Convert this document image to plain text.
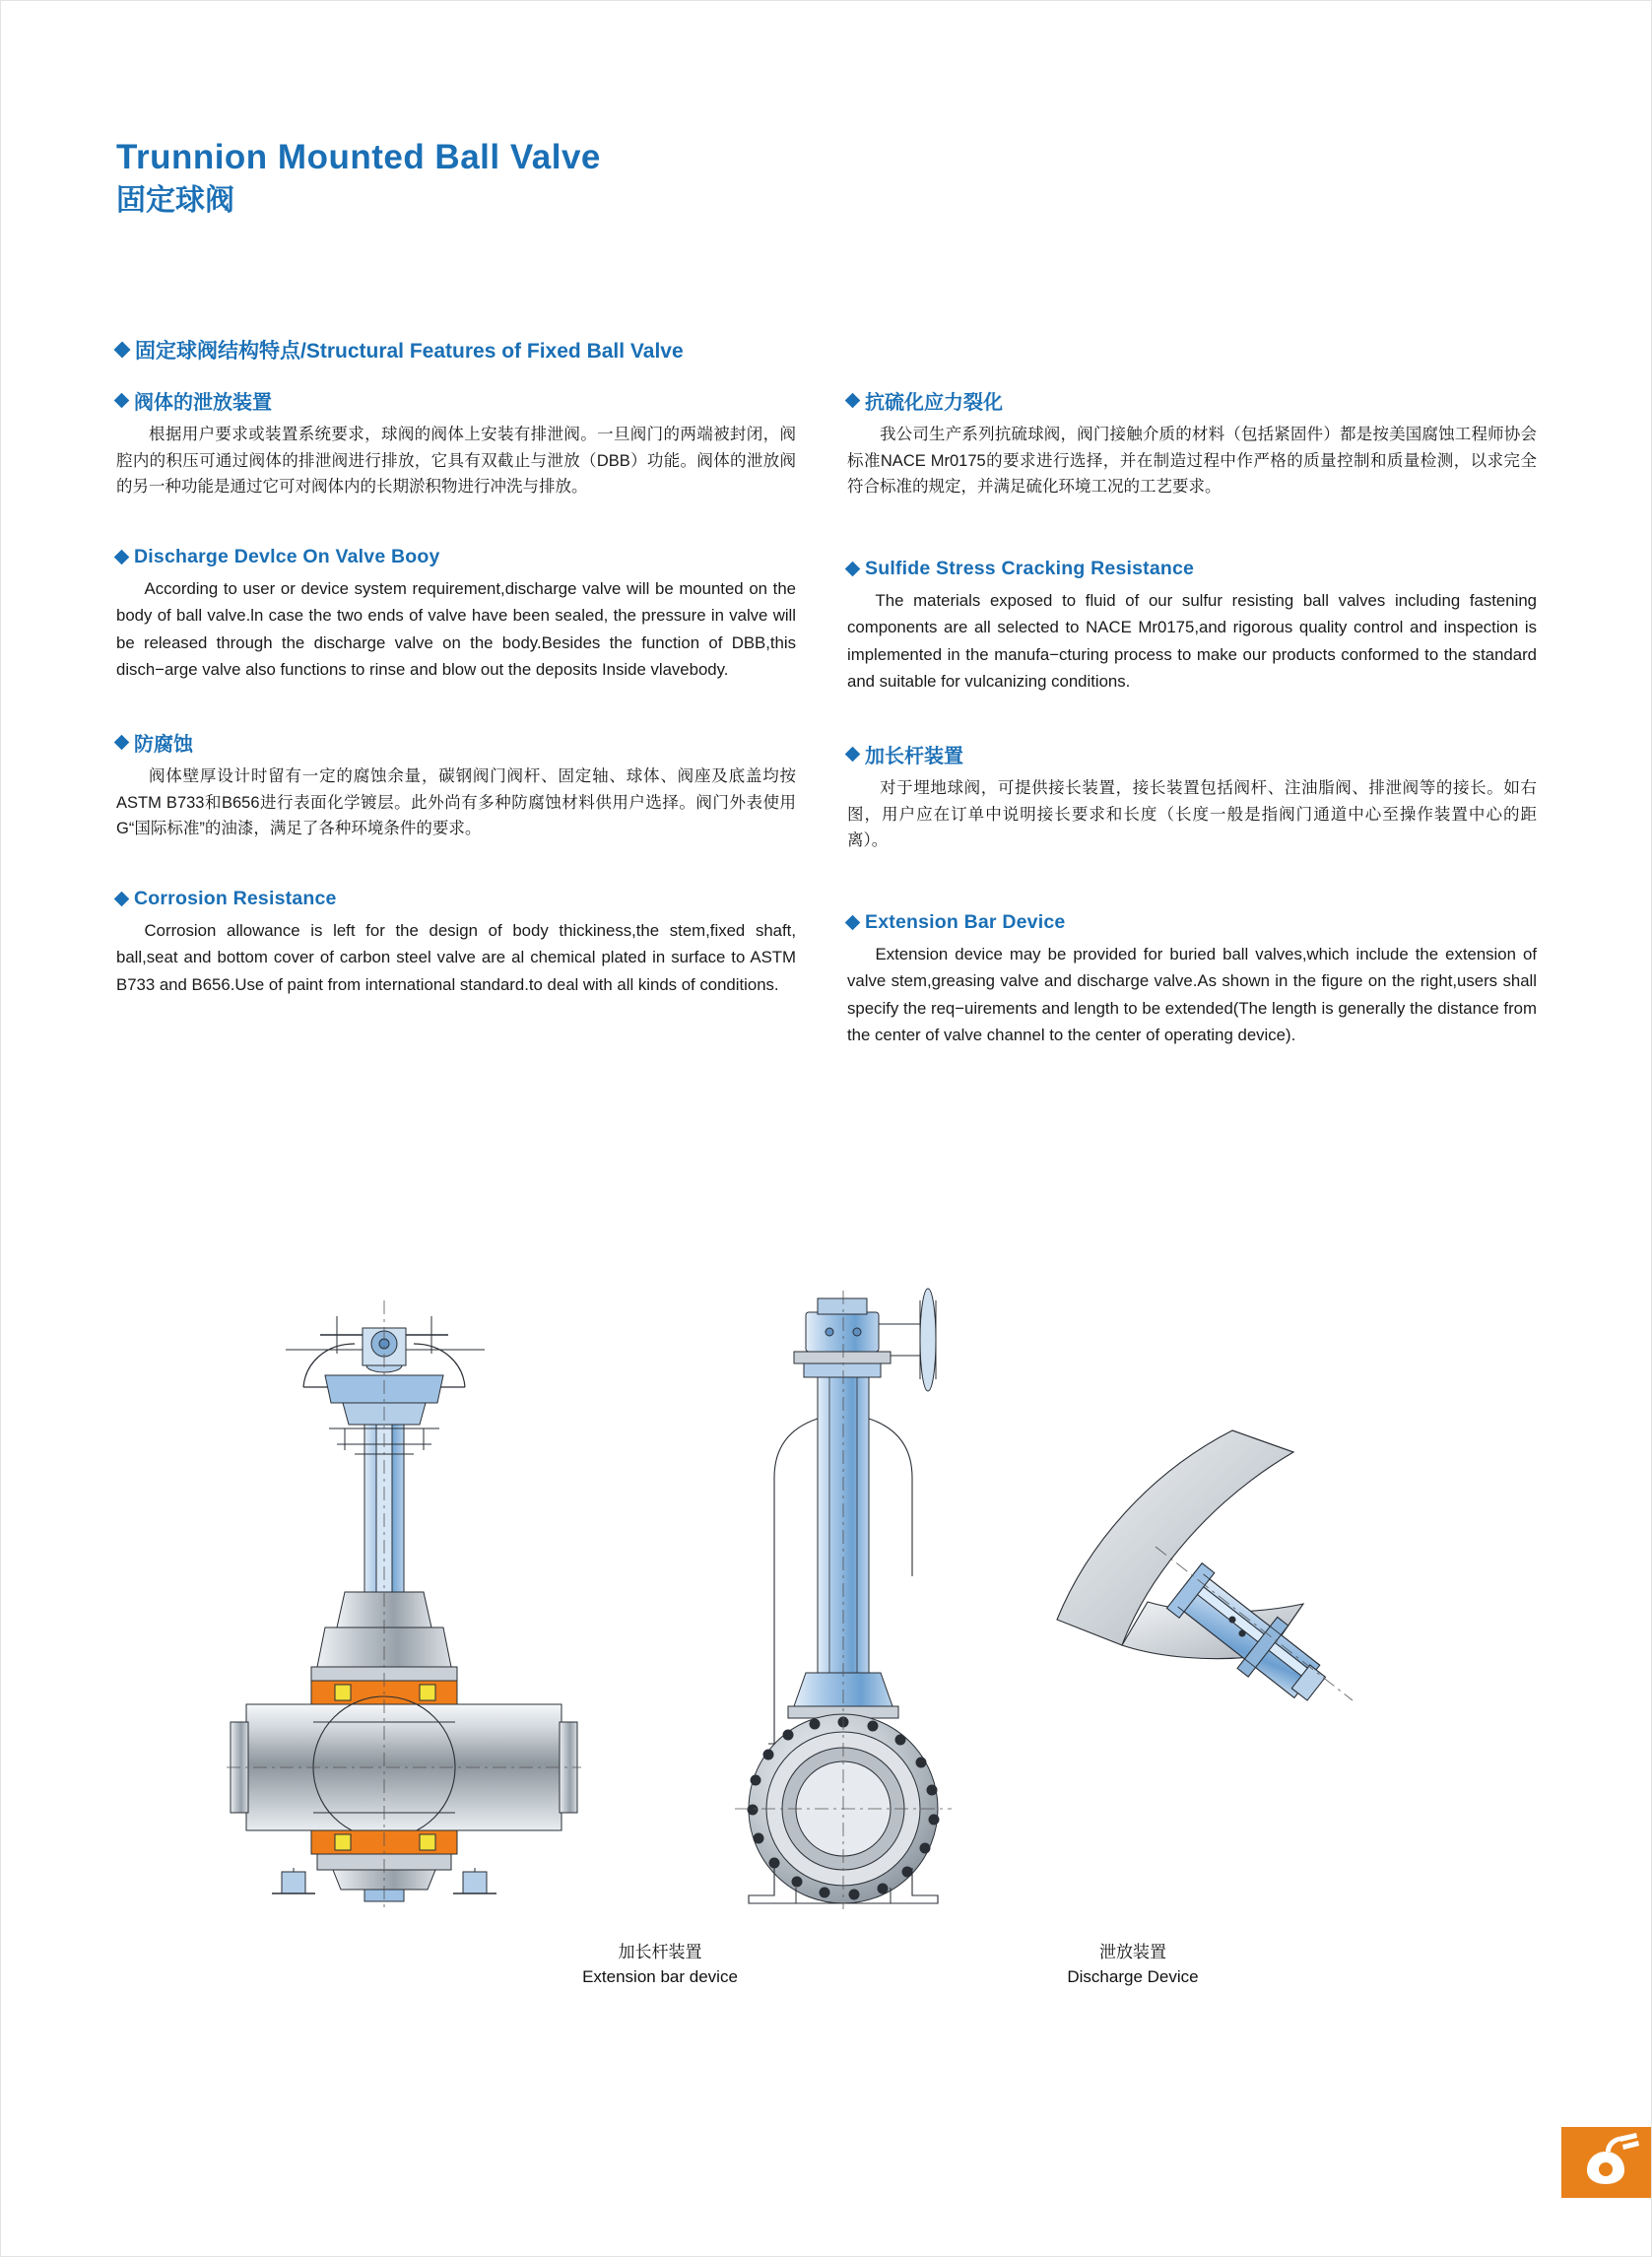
Trunnion Mounted Ball Valve
固定球阀
固定球阀结构特点/Structural Features of Fixed Ball Valve
阀体的泄放装置

根据用户要求或装置系统要求，球阀的阀体上安装有排泄阀。一旦阀门的两端被封闭，阀腔内的积压可通过阀体的排泄阀进行排放，它具有双截止与泄放（DBB）功能。阀体的泄放阀的另一种功能是通过它可对阀体内的长期淤积物进行冲洗与排放。

Discharge Devlce On Valve Booy

According to user or device system requirement,discharge valve will be mounted on the body of ball valve.ln case the two ends of valve have been sealed, the pressure in valve will be released through the discharge valve on the body.Besides the function of DBB,this disch−arge valve also functions to rinse and blow out the deposits Inside vlavebody.

防腐蚀

阀体壁厚设计时留有一定的腐蚀余量，碳钢阀门阀杆、固定轴、球体、阀座及底盖均按ASTM B733和B656进行表面化学镀层。此外尚有多种防腐蚀材料供用户选择。阀门外表使用G“国际标准”的油漆，满足了各种环境条件的要求。

Corrosion Resistance

Corrosion allowance is left for the design of body thickiness,the stem,fixed shaft, ball,seat and bottom cover of carbon steel valve are al chemical plated in surface to ASTM B733 and B656.Use of paint from international standard.to deal with all kinds of conditions.

抗硫化应力裂化

我公司生产系列抗硫球阀，阀门接触介质的材料（包括紧固件）都是按美国腐蚀工程师协会标准NACE Mr0175的要求进行选择，并在制造过程中作严格的质量控制和质量检测，以求完全符合标准的规定，并满足硫化环境工况的工艺要求。

Sulfide Stress Cracking Resistance

The materials exposed to fluid of our sulfur resisting ball valves including fastening components are all selected to NACE Mr0175,and rigorous quality control and inspection is implemented in the manufa−cturing process to make our products conformed to the standard and suitable for vulcanizing conditions.

加长杆装置

对于埋地球阀，可提供接长装置，接长装置包括阀杆、注油脂阀、排泄阀等的接长。如右图，用户应在订单中说明接长要求和长度（长度一般是指阀门通道中心至操作装置中心的距离）。

Extension Bar Device

Extension device may be provided for buried ball valves,which include the extension of valve stem,greasing valve and discharge valve.As shown in the figure on the right,users shall specify the req−uirements and length to be extended(The length is generally the distance from the center of valve channel to the center of operating device).

加长杆装置
Extension bar device
泄放装置
Discharge Device
